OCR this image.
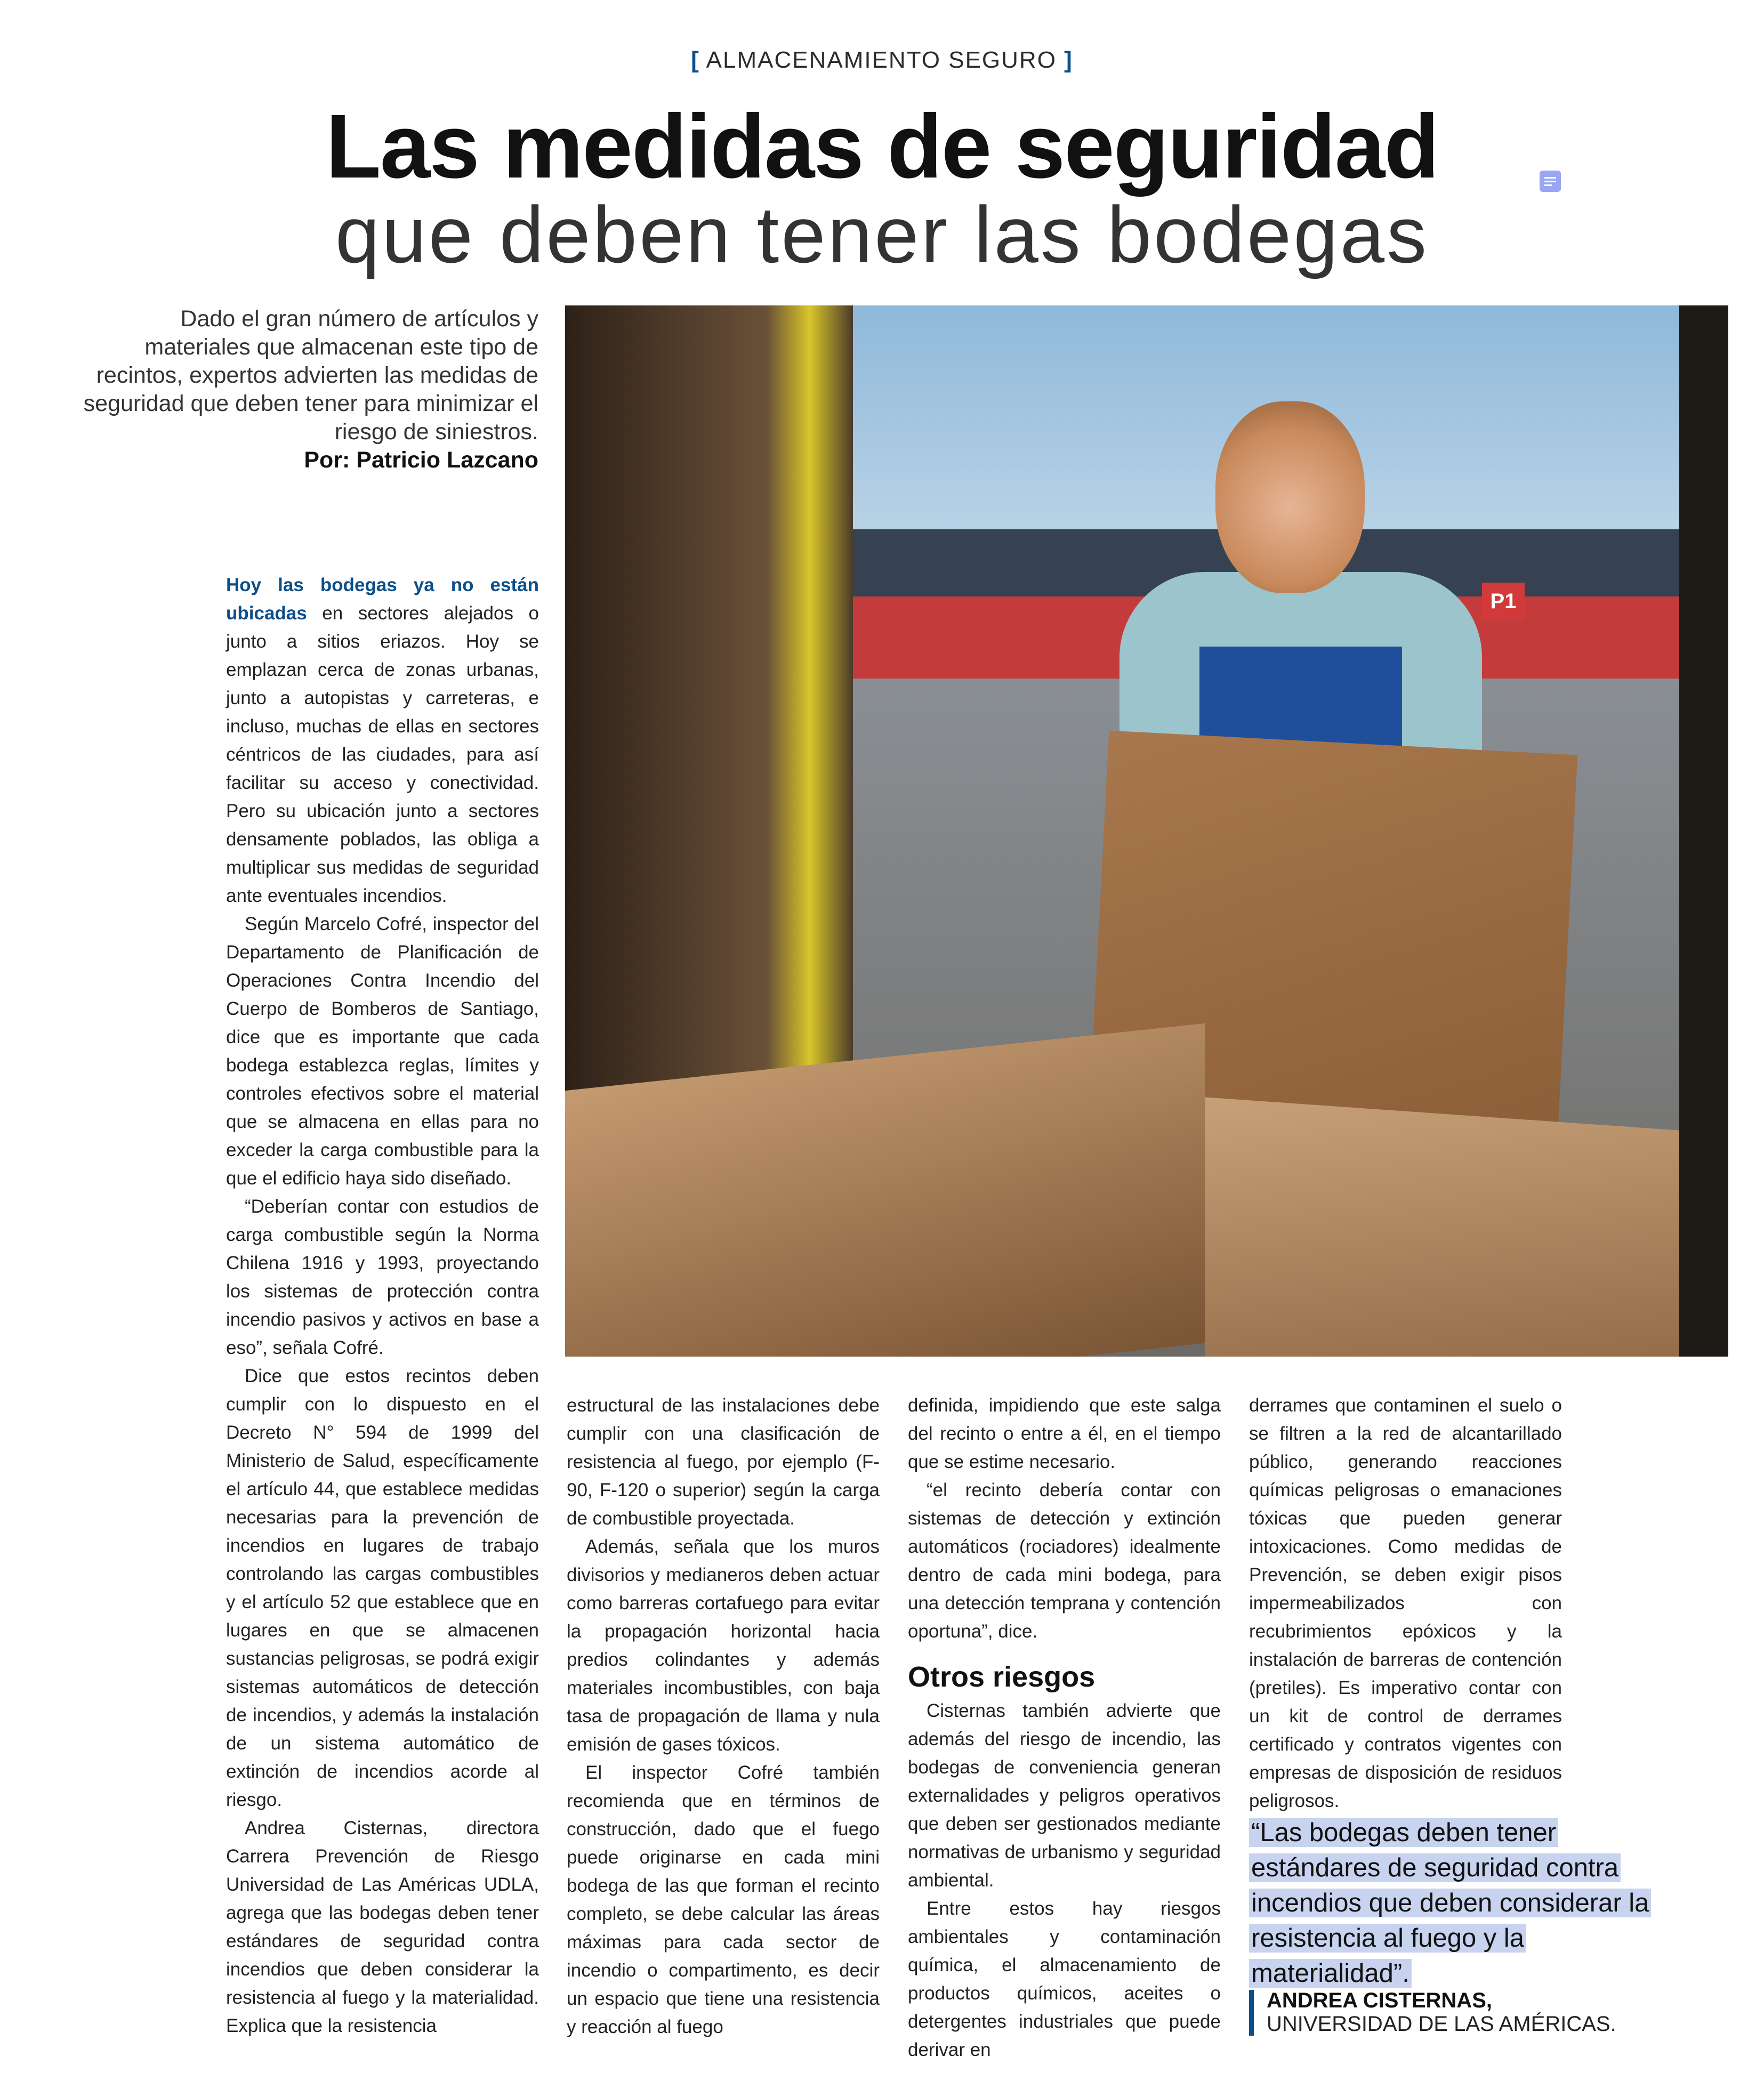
[ ALMACENAMIENTO SEGURO ]
Las medidas de seguridad
que deben tener las bodegas
Dado el gran número de artículos y materiales que almacenan este tipo de recintos, expertos advierten las medidas de seguridad que deben tener para minimizar el riesgo de siniestros.
Por: Patricio Lazcano
P1

Hoy las bodegas ya no están ubicadas en sectores alejados o junto a sitios eriazos. Hoy se emplazan cerca de zonas urbanas, junto a autopistas y carreteras, e incluso, muchas de ellas en sectores céntricos de las ciudades, para así facilitar su acceso y conectividad. Pero su ubicación junto a sectores densamente poblados, las obliga a multiplicar sus medidas de seguridad ante eventuales incendios.

Según Marcelo Cofré, inspector del Departamento de Planificación de Operaciones Contra Incendio del Cuerpo de Bomberos de Santiago, dice que es importante que cada bodega establezca reglas, límites y controles efectivos sobre el material que se almacena en ellas para no exceder la carga combustible para la que el edificio haya sido diseñado.

“Deberían contar con estudios de carga combustible según la Norma Chilena 1916 y 1993, proyectando los sistemas de protección contra incendio pasivos y activos en base a eso”, señala Cofré.

Dice que estos recintos deben cumplir con lo dispuesto en el Decreto N° 594 de 1999 del Ministerio de Salud, específicamente el artículo 44, que establece medidas necesarias para la prevención de incendios en lugares de trabajo controlando las cargas combustibles y el artículo 52 que establece que en lugares en que se almacenen sustancias peligrosas, se podrá exigir sistemas automáticos de detección de incendios, y además la instalación de un sistema automático de extinción de incendios acorde al riesgo.

Andrea Cisternas, directora Carrera Prevención de Riesgo Universidad de Las Américas UDLA, agrega que las bodegas deben tener estándares de seguridad contra incendios que deben considerar la resistencia al fuego y la materialidad. Explica que la resistencia

estructural de las instalaciones debe cumplir con una clasificación de resistencia al fuego, por ejemplo (F-90, F-120 o superior) según la carga de combustible proyectada.

Además, señala que los muros divisorios y medianeros deben actuar como barreras cortafuego para evitar la propagación horizontal hacia predios colindantes y además materiales incombustibles, con baja tasa de propagación de llama y nula emisión de gases tóxicos.

El inspector Cofré también recomienda que en términos de construcción, dado que el fuego puede originarse en cada mini bodega de las que forman el recinto completo, se debe calcular las áreas máximas para cada sector de incendio o compartimento, es decir un espacio que tiene una resistencia y reacción al fuego

definida, impidiendo que este salga del recinto o entre a él, en el tiempo que se estime necesario.

“el recinto debería contar con sistemas de detección y extinción automáticos (rociadores) idealmente dentro de cada mini bodega, para una detección temprana y contención oportuna”, dice.

Otros riesgos

Cisternas también advierte que además del riesgo de incendio, las bodegas de conveniencia generan externalidades y peligros operativos que deben ser gestionados mediante normativas de urbanismo y seguridad ambiental.

Entre estos hay riesgos ambientales y contaminación química, el almacenamiento de productos químicos, aceites o detergentes industriales que puede derivar en

derrames que contaminen el suelo o se filtren a la red de alcantarillado público, generando reacciones químicas peligrosas o emanaciones tóxicas que pueden generar intoxicaciones. Como medidas de Prevención, se deben exigir pisos impermeabilizados con recubrimientos epóxicos y la instalación de barreras de contención (pretiles). Es imperativo contar con un kit de control de derrames certificado y contratos vigentes con empresas de disposición de residuos peligrosos.

“Las bodegas deben tener estándares de seguridad contra incendios que deben considerar la resistencia al fuego y la materialidad”.
ANDREA CISTERNAS,
UNIVERSIDAD DE LAS AMÉRICAS.
